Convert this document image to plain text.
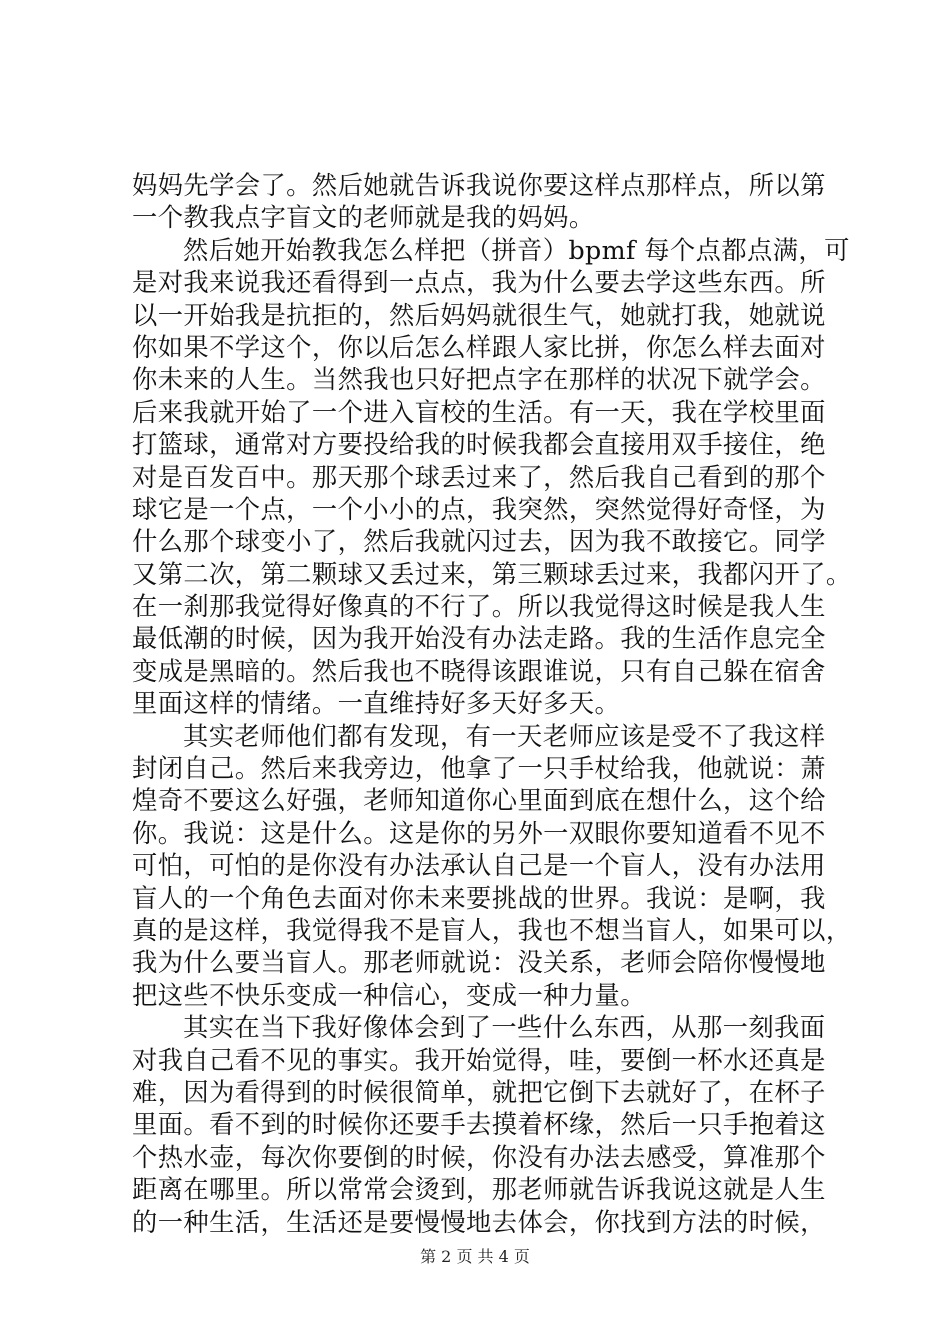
妈妈先学会了。然后她就告诉我说你要这样点那样点，所以第
一个教我点字盲文的老师就是我的妈妈。
然后她开始教我怎么样把（拼音）bpmf 每个点都点满，可
是对我来说我还看得到一点点，我为什么要去学这些东西。所
以一开始我是抗拒的，然后妈妈就很生气，她就打我，她就说
你如果不学这个，你以后怎么样跟人家比拼，你怎么样去面对
你未来的人生。当然我也只好把点字在那样的状况下就学会。
后来我就开始了一个进入盲校的生活。有一天，我在学校里面
打篮球，通常对方要投给我的时候我都会直接用双手接住，绝
对是百发百中。那天那个球丢过来了，然后我自己看到的那个
球它是一个点，一个小小的点，我突然，突然觉得好奇怪，为
什么那个球变小了，然后我就闪过去，因为我不敢接它。同学
又第二次，第二颗球又丢过来，第三颗球丢过来，我都闪开了。
在一刹那我觉得好像真的不行了。所以我觉得这时候是我人生
最低潮的时候，因为我开始没有办法走路。我的生活作息完全
变成是黑暗的。然后我也不晓得该跟谁说，只有自己躲在宿舍
里面这样的情绪。一直维持好多天好多天。
其实老师他们都有发现，有一天老师应该是受不了我这样
封闭自己。然后来我旁边，他拿了一只手杖给我，他就说：萧
煌奇不要这么好强，老师知道你心里面到底在想什么，这个给
你。我说：这是什么。这是你的另外一双眼你要知道看不见不
可怕，可怕的是你没有办法承认自己是一个盲人，没有办法用
盲人的一个角色去面对你未来要挑战的世界。我说：是啊，我
真的是这样，我觉得我不是盲人，我也不想当盲人，如果可以，
我为什么要当盲人。那老师就说：没关系，老师会陪你慢慢地
把这些不快乐变成一种信心，变成一种力量。
其实在当下我好像体会到了一些什么东西，从那一刻我面
对我自己看不见的事实。我开始觉得，哇，要倒一杯水还真是
难，因为看得到的时候很简单，就把它倒下去就好了，在杯子
里面。看不到的时候你还要手去摸着杯缘，然后一只手抱着这
个热水壶，每次你要倒的时候，你没有办法去感受，算准那个
距离在哪里。所以常常会烫到，那老师就告诉我说这就是人生
的一种生活，生活还是要慢慢地去体会，你找到方法的时候，
第 2 页 共 4 页
